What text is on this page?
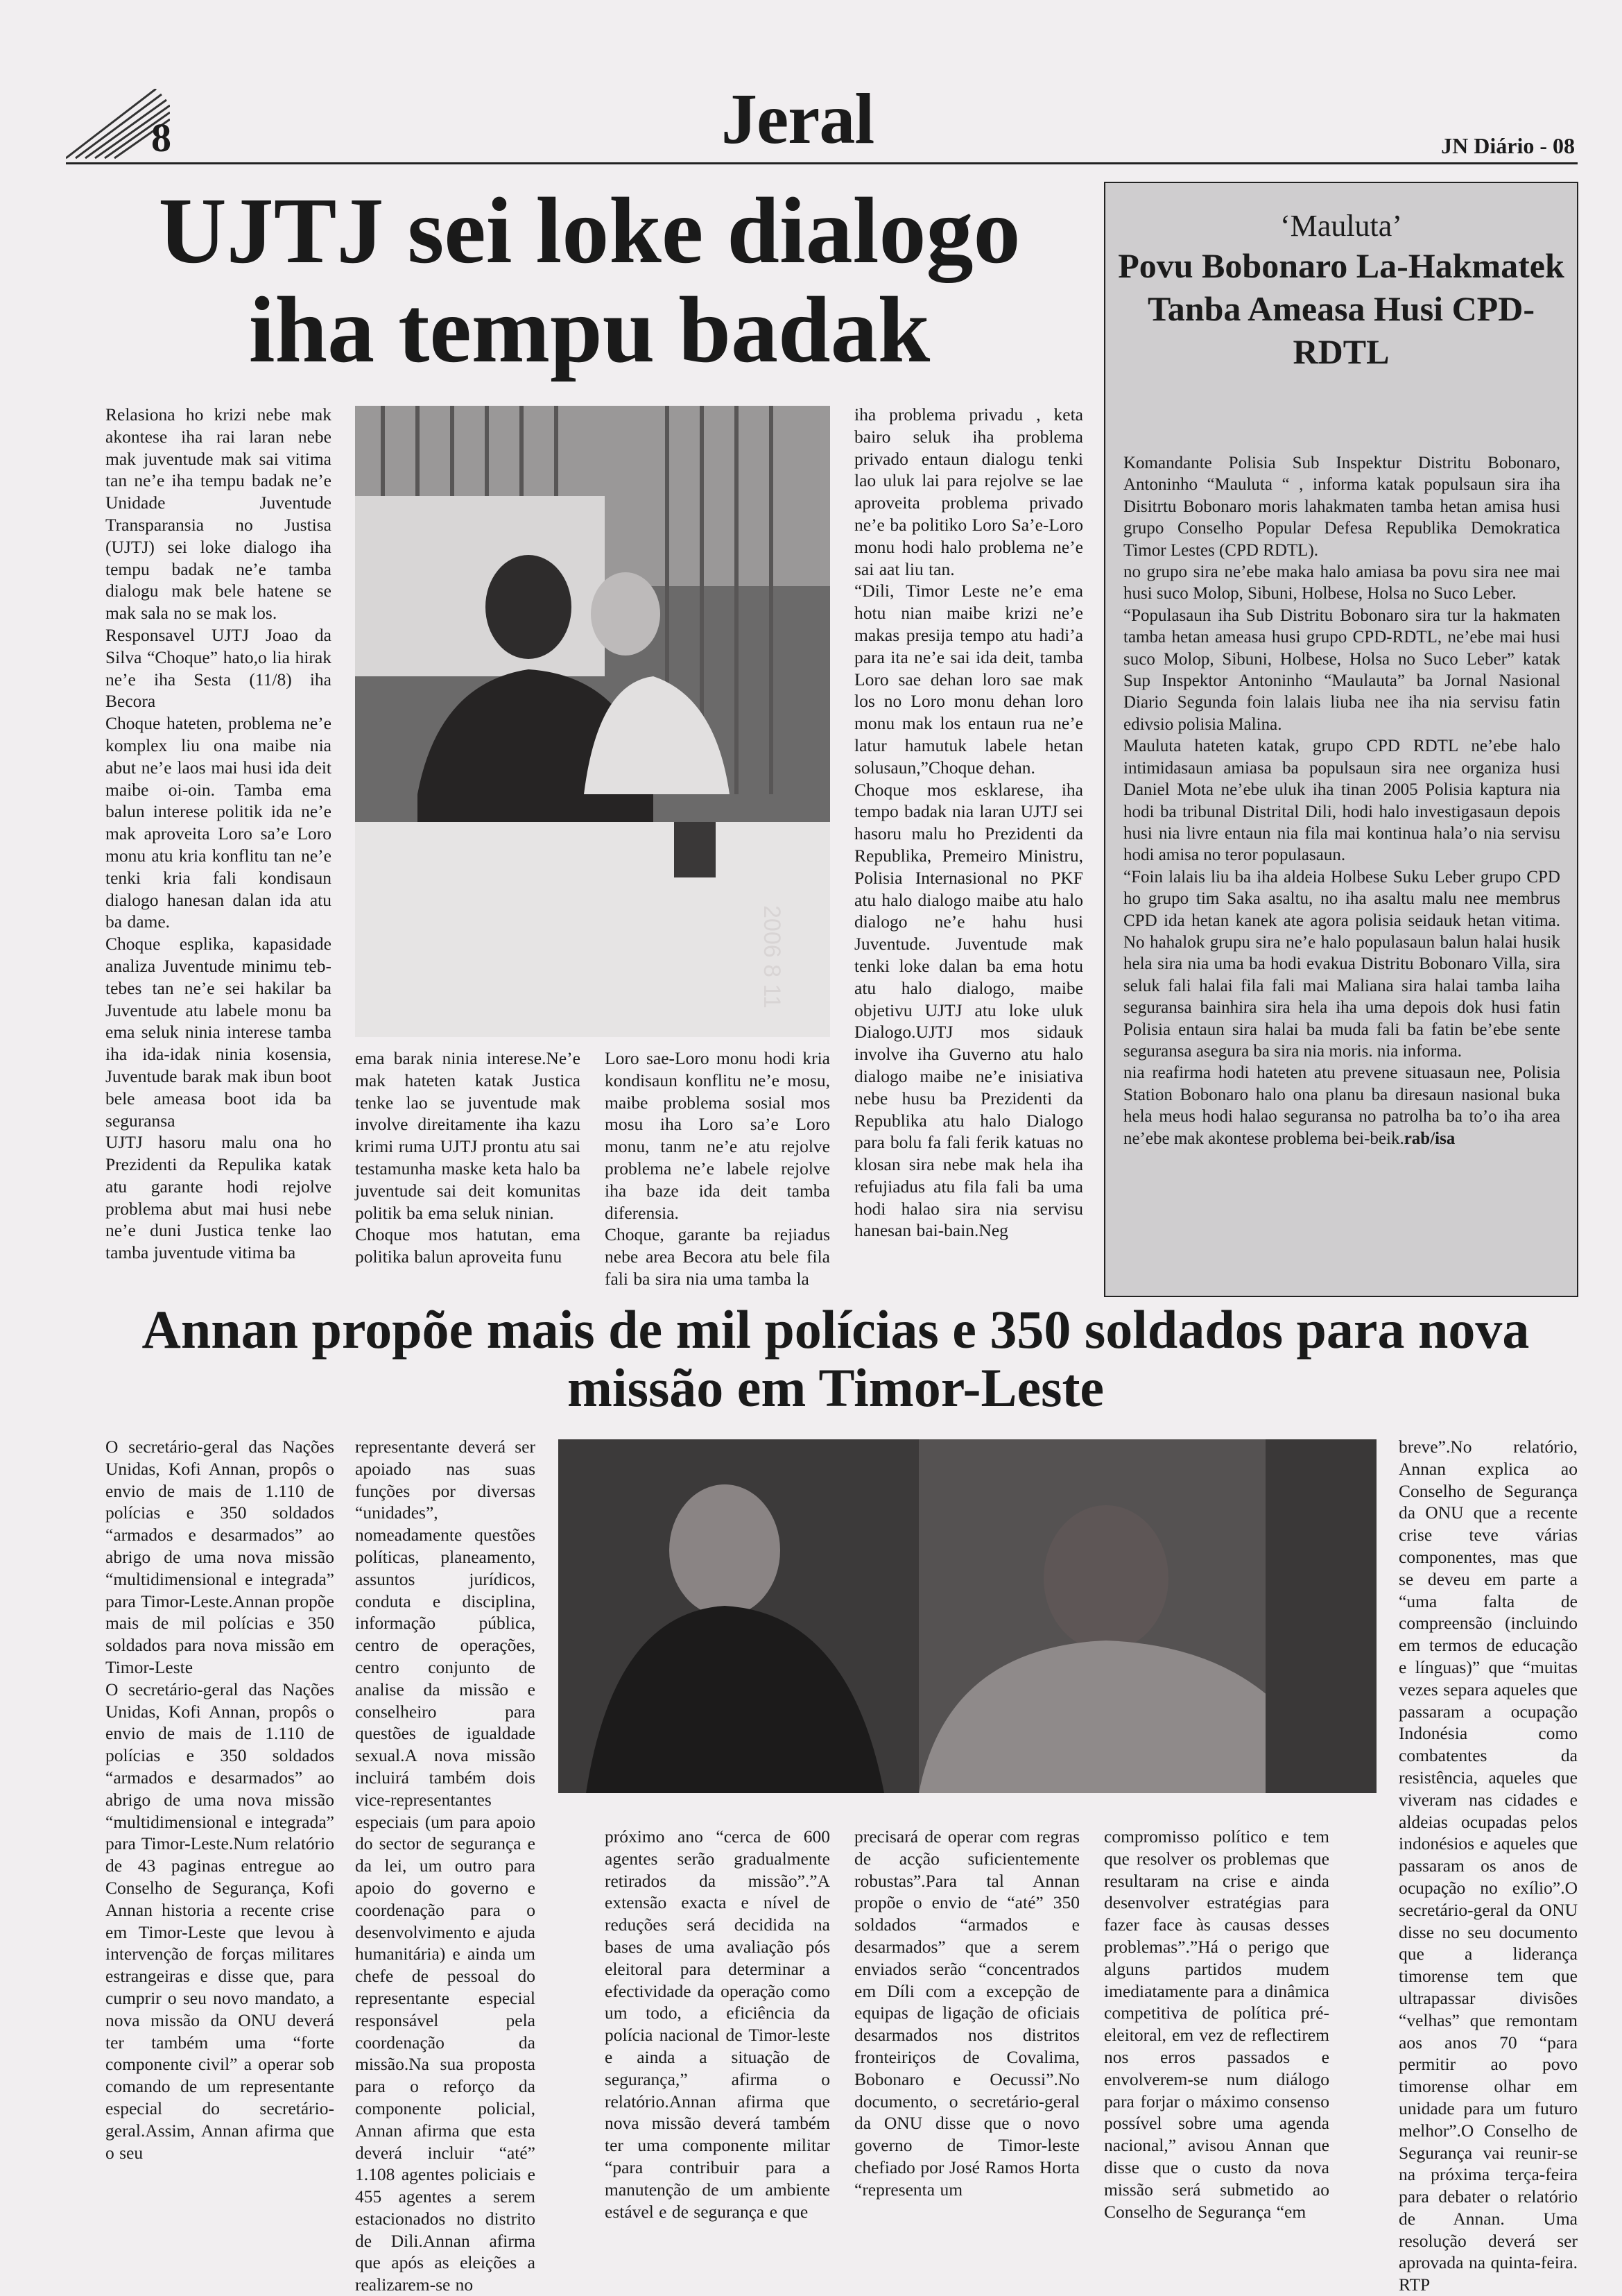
8	Jeral	JN Diário - 08
UJTJ sei loke dialogo iha tempu badak

Relasiona ho krizi nebe mak akontese iha rai laran nebe mak juventude mak sai vitima tan ne’e iha tempu badak ne’e Unidade Juventude Transparansia no Justisa (UJTJ) sei loke dialogo iha tempu badak ne’e tamba dialogu mak bele hatene se mak sala no se mak los.

Responsavel UJTJ Joao da Silva “Choque” hato,o lia hirak ne’e iha Sesta (11/8) iha Becora

Choque hateten, problema ne’e komplex liu ona maibe nia abut ne’e laos mai husi ida deit maibe oi-oin. Tamba ema balun interese politik ida ne’e mak aproveita Loro sa’e Loro monu atu kria konflitu tan ne’e tenki kria fali kondisaun dialogo hanesan dalan ida atu ba dame.

Choque esplika, kapasidade analiza Juventude minimu teb-tebes tan ne’e sei hakilar ba Juventude atu labele monu ba ema seluk ninia interese tamba iha ida-idak ninia kosensia, Juventude barak mak ibun boot bele ameasa boot ida ba seguransa

UJTJ hasoru malu ona ho Prezidenti da Repulika katak atu garante hodi rejolve problema abut mai husi nebe ne’e duni Justica tenke lao tamba juventude vitima ba

2006 8 11

ema barak ninia interese.Ne’e mak hateten katak Justica tenke lao se juventude mak involve direitamente iha kazu krimi ruma UJTJ prontu atu sai testamunha maske keta halo ba juventude sai deit komunitas politik ba ema seluk ninian.

Choque mos hatutan, ema politika balun aproveita funu

Loro sae-Loro monu hodi kria kondisaun konflitu ne’e mosu, maibe problema sosial mos mosu iha Loro sa’e Loro monu, tanm ne’e atu rejolve problema ne’e labele rejolve iha baze ida deit tamba diferensia.

Choque, garante ba rejiadus nebe area Becora atu bele fila fali ba sira nia uma tamba la

iha problema privadu , keta bairo seluk iha problema privado entaun dialogu tenki lao uluk lai para rejolve se lae aproveita problema privado ne’e ba politiko Loro Sa’e-Loro monu hodi halo problema ne’e sai aat liu tan.

“Dili, Timor Leste ne’e ema hotu nian maibe krizi ne’e makas presija tempo atu hadi’a para ita ne’e sai ida deit, tamba Loro sae dehan loro sae mak los no Loro monu dehan loro monu mak los entaun rua ne’e latur hamutuk labele hetan solusaun,”Choque dehan.

Choque mos esklarese, iha tempo badak nia laran UJTJ sei hasoru malu ho Prezidenti da Republika, Premeiro Ministru, Polisia Internasional no PKF atu halo dialogo maibe atu halo dialogo ne’e hahu husi Juventude. Juventude mak tenki loke dalan ba ema hotu atu halo dialogo, maibe objetivu UJTJ atu loke uluk Dialogo.UJTJ mos sidauk involve iha Guverno atu halo dialogo maibe ne’e inisiativa nebe husu ba Prezidenti da Republika atu halo Dialogo para bolu fa fali ferik katuas no klosan sira nebe mak hela iha refujiadus atu fila fali ba uma hodi halao sira nia servisu hanesan bai-bain.Neg

‘Mauluta’
Povu Bobonaro La-Hakmatek Tanba Ameasa Husi CPD-RDTL

Komandante Polisia Sub Inspektur Distritu Bobonaro, Antoninho “Mauluta “ , informa katak populsaun sira iha Disitrtu Bobonaro moris lahakmaten tamba hetan amisa husi grupo Conselho Popular Defesa Republika Demokratica Timor Lestes (CPD RDTL).

no grupo sira ne’ebe maka halo amiasa ba povu sira nee mai husi suco Molop, Sibuni, Holbese, Holsa no Suco Leber.

“Populasaun iha Sub Distritu Bobonaro sira tur la hakmaten tamba hetan ameasa husi grupo CPD-RDTL, ne’ebe mai husi suco Molop, Sibuni, Holbese, Holsa no Suco Leber” katak Sup Inspektor Antoninho “Maulauta” ba Jornal Nasional Diario Segunda foin lalais liuba nee iha nia servisu fatin edivsio polisia Malina.

Mauluta hateten katak, grupo CPD RDTL ne’ebe halo intimidasaun amiasa ba populsaun sira nee organiza husi Daniel Mota ne’ebe uluk iha tinan 2005 Polisia kaptura nia hodi ba tribunal Distrital Dili, hodi halo investigasaun depois husi nia livre entaun nia fila mai kontinua hala’o nia servisu hodi amisa no teror populasaun.

“Foin lalais liu ba iha aldeia Holbese Suku Leber grupo CPD ho grupo tim Saka asaltu, no iha asaltu malu nee membrus CPD ida hetan kanek atе agora polisia seidauk hetan vitima. No hahalok grupu sira ne’e halo populasaun balun halai husik hela sira nia uma ba hodi evakua Distritu Bobonaro Villa, sira seluk fali halai fila fali mai Maliana sira halai tamba laiha seguransa bainhira sira hela iha uma depois dok husi fatin Polisia entaun sira halai ba muda fali ba fatin be’ebe sente seguransa asegura ba sira nia moris. nia informa.

nia reafirma hodi hateten atu prevene situasaun nee, Polisia Station Bobonaro halo ona planu ba diresaun nasional buka hela meus hodi halao seguransa no patrolha ba to’o iha area ne’ebe mak akontese problema bei-beik.rab/isa

Annan propõe mais de mil polícias e 350 soldados para nova missão em Timor-Leste

O secretário-geral das Nações Unidas, Kofi Annan, propôs o envio de mais de 1.110 de polícias e 350 soldados “armados e desarmados” ao abrigo de uma nova missão “multidimensional e integrada” para Timor-Leste.Annan propõe mais de mil polícias e 350 soldados para nova missão em Timor-Leste

O secretário-geral das Nações Unidas, Kofi Annan, propôs o envio de mais de 1.110 de polícias e 350 soldados “armados e desarmados” ao abrigo de uma nova missão “multidimensional e integrada” para Timor-Leste.Num relatório de 43 paginas entregue ao Conselho de Segurança, Kofi Annan historia a recente crise em Timor-Leste que levou à intervenção de forças militares estrangeiras e disse que, para cumprir o seu novo mandato, a nova missão da ONU deverá ter também uma “forte componente civil” a operar sob comando de um representante especial do secretário-geral.Assim, Annan afirma que o seu

representante deverá ser apoiado nas suas funções por diversas “unidades”, nomeadamente questões políticas, planeamento, assuntos jurídicos, conduta e disciplina, informação pública, centro de operações, centro conjunto de analise da missão e conselheiro para questões de igualdade sexual.A nova missão incluirá também dois vice-representantes especiais (um para apoio do sector de segurança e da lei, um outro para apoio do governo e coordenação para o desenvolvimento e ajuda humanitária) e ainda um chefe de pessoal do representante especial responsável pela coordenação da missão.Na sua proposta para o reforço da componente policial, Annan afirma que esta deverá incluir “até” 1.108 agentes policiais e 455 agentes a serem estacionados no distrito de Dili.Annan afirma que após as eleições a realizarem-se no

próximo ano “cerca de 600 agentes serão gradualmente retirados da missão”.”A extensão exacta e nível de reduções será decidida na bases de uma avaliação pós eleitoral para determinar a efectividade da operação como um todo, a eficiência da polícia nacional de Timor-leste e ainda a situação de segurança,” afirma o relatório.Annan afirma que nova missão deverá também ter uma componente militar “para contribuir para a manutenção de um ambiente estável e de segurança e que

precisará de operar com regras de acção suficientemente robustas”.Para tal Annan propõe o envio de “até” 350 soldados “armados e desarmados” que a serem enviados serão “concentrados em Díli com a excepção de equipas de ligação de oficiais desarmados nos distritos fronteiriços de Covalima, Bobonaro e Oecussi”.No documento, o secretário-geral da ONU disse que o novo governo de Timor-leste chefiado por José Ramos Horta “representa um

compromisso político e tem que resolver os problemas que resultaram na crise e ainda desenvolver estratégias para fazer face às causas desses problemas”.”Há o perigo que alguns partidos mudem imediatamente para a dinâmica competitiva de política pré-eleitoral, em vez de reflectirem nos erros passados e envolverem-se num diálogo para forjar o máximo consenso possível sobre uma agenda nacional,” avisou Annan que disse que o custo da nova missão será submetido ao Conselho de Segurança “em

breve”.No relatório, Annan explica ao Conselho de Segurança da ONU que a recente crise teve várias componentes, mas que se deveu em parte a “uma falta de compreensão (incluindo em termos de educação e línguas)” que “muitas vezes separa aqueles que passaram a ocupação Indonésia como combatentes da resistência, aqueles que viveram nas cidades e aldeias ocupadas pelos indonésios e aqueles que passaram os anos de ocupação no exílio”.O secretário-geral da ONU disse no seu documento que a liderança timorense tem que ultrapassar divisões “velhas” que remontam aos anos 70 “para permitir ao povo timorense olhar em unidade para um futuro melhor”.O Conselho de Segurança vai reunir-se na próxima terça-feira para debater o relatório de Annan. Uma resolução deverá ser aprovada na quinta-feira. RTP
